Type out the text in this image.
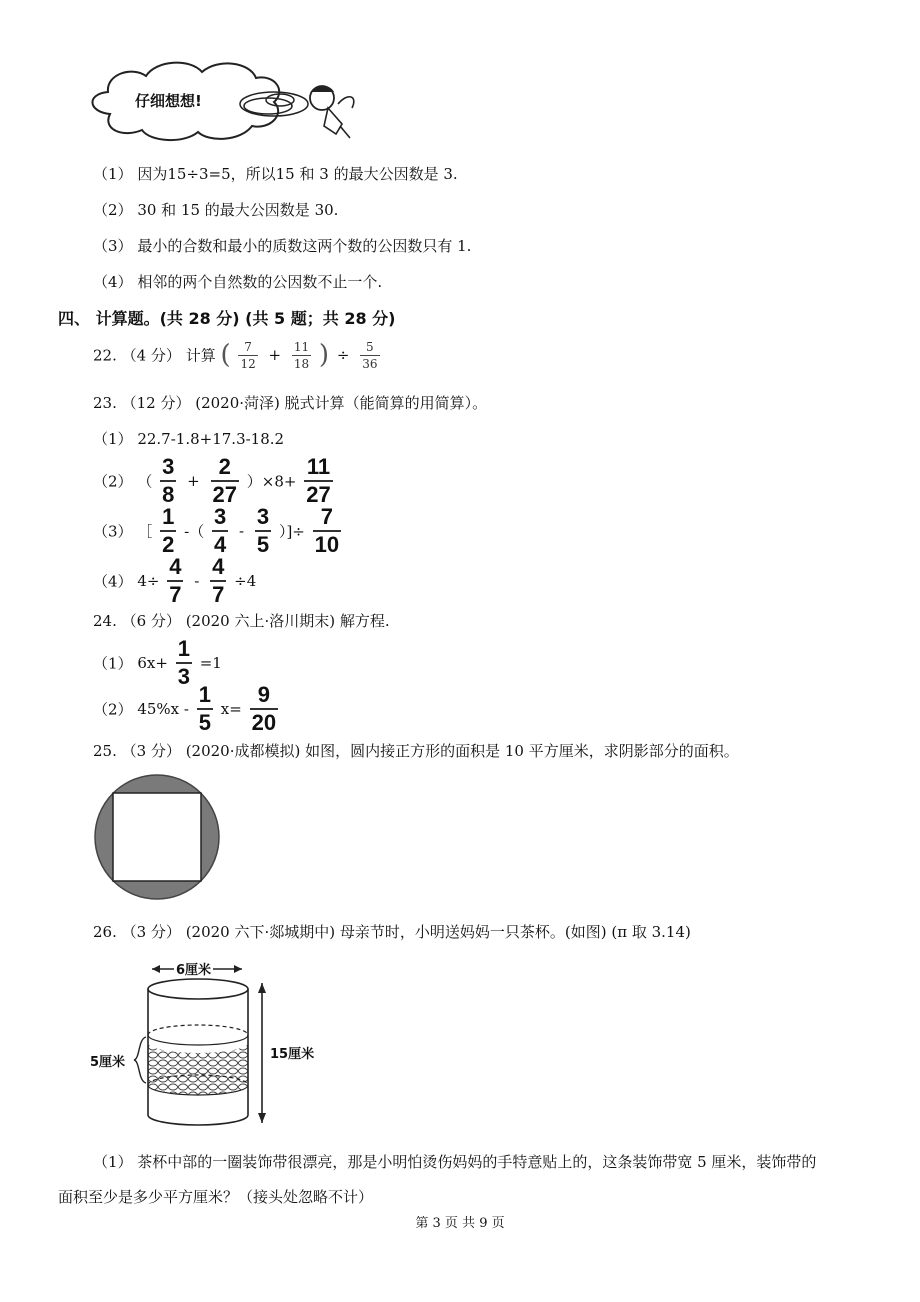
仔细想想!
（1） 因为15÷3=5，所以15 和 3 的最大公因数是 3.
（2） 30 和 15 的最大公因数是 30.
（3） 最小的合数和最小的质数这两个数的公因数只有 1.
（4） 相邻的两个自然数的公因数不止一个.
四、 计算题。(共 28 分) (共 5 题；共 28 分)
22. （4 分） 计算 ( $\frac{7}{12} + \frac{11}{18}$ ) ÷ $\frac{5}{36}$
23. （12 分） (2020·菏泽) 脱式计算（能简算的用简算）。
（1） 22.7-1.8+17.3-18.2
（2） （ $\frac{3}{8} + \frac{2}{27} )\times 8+ \frac{11}{27}$
（3） ［ $\frac{1}{2}$ -（ $\frac{3}{4} - \frac{3}{5}$ ）]÷ $\frac{7}{10}$
（4） $4\div \frac{4}{7} - \frac{4}{7} \div 4$
24. （6 分） (2020 六上·洛川期末) 解方程.
（1） $6x+ \frac{1}{3} =1$
（2） $45\%x - \frac{1}{5} x= \frac{9}{20}$
25. （3 分） (2020·成都模拟) 如图，圆内接正方形的面积是 10 平方厘米，求阴影部分的面积。
26. （3 分） (2020 六下·郯城期中) 母亲节时，小明送妈妈一只茶杯。(如图) (π 取 3.14)
6厘米
5厘米
15厘米
（1） 茶杯中部的一圈装饰带很漂亮，那是小明怕烫伤妈妈的手特意贴上的，这条装饰带宽 5 厘米，装饰带的
面积至少是多少平方厘米？（接头处忽略不计）
第 3 页 共 9 页
